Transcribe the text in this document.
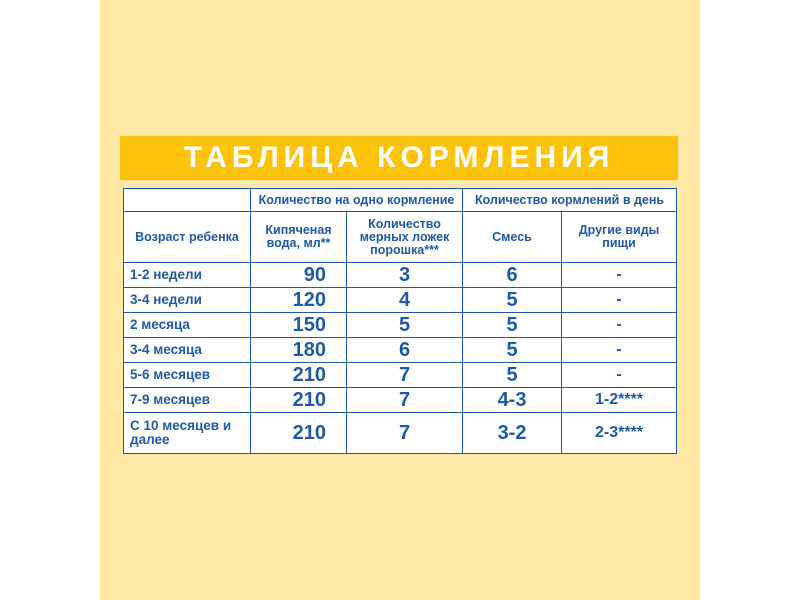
ТАБЛИЦА КОРМЛЕНИЯ
	Количество на одно кормление		Количество кормлений в день	
Возраст ребенка	Кипяченая вода, мл**	Количество мерных ложек порошка***	Смесь	Другие виды пищи
1-2 недели	90	3	6	-
3-4 недели	120	4	5	-
2 месяца	150	5	5	-
3-4 месяца	180	6	5	-
5-6 месяцев	210	7	5	-
7-9 месяцев	210	7	4-3	1-2****
С 10 месяцев и далее	210	7	3-2	2-3****
